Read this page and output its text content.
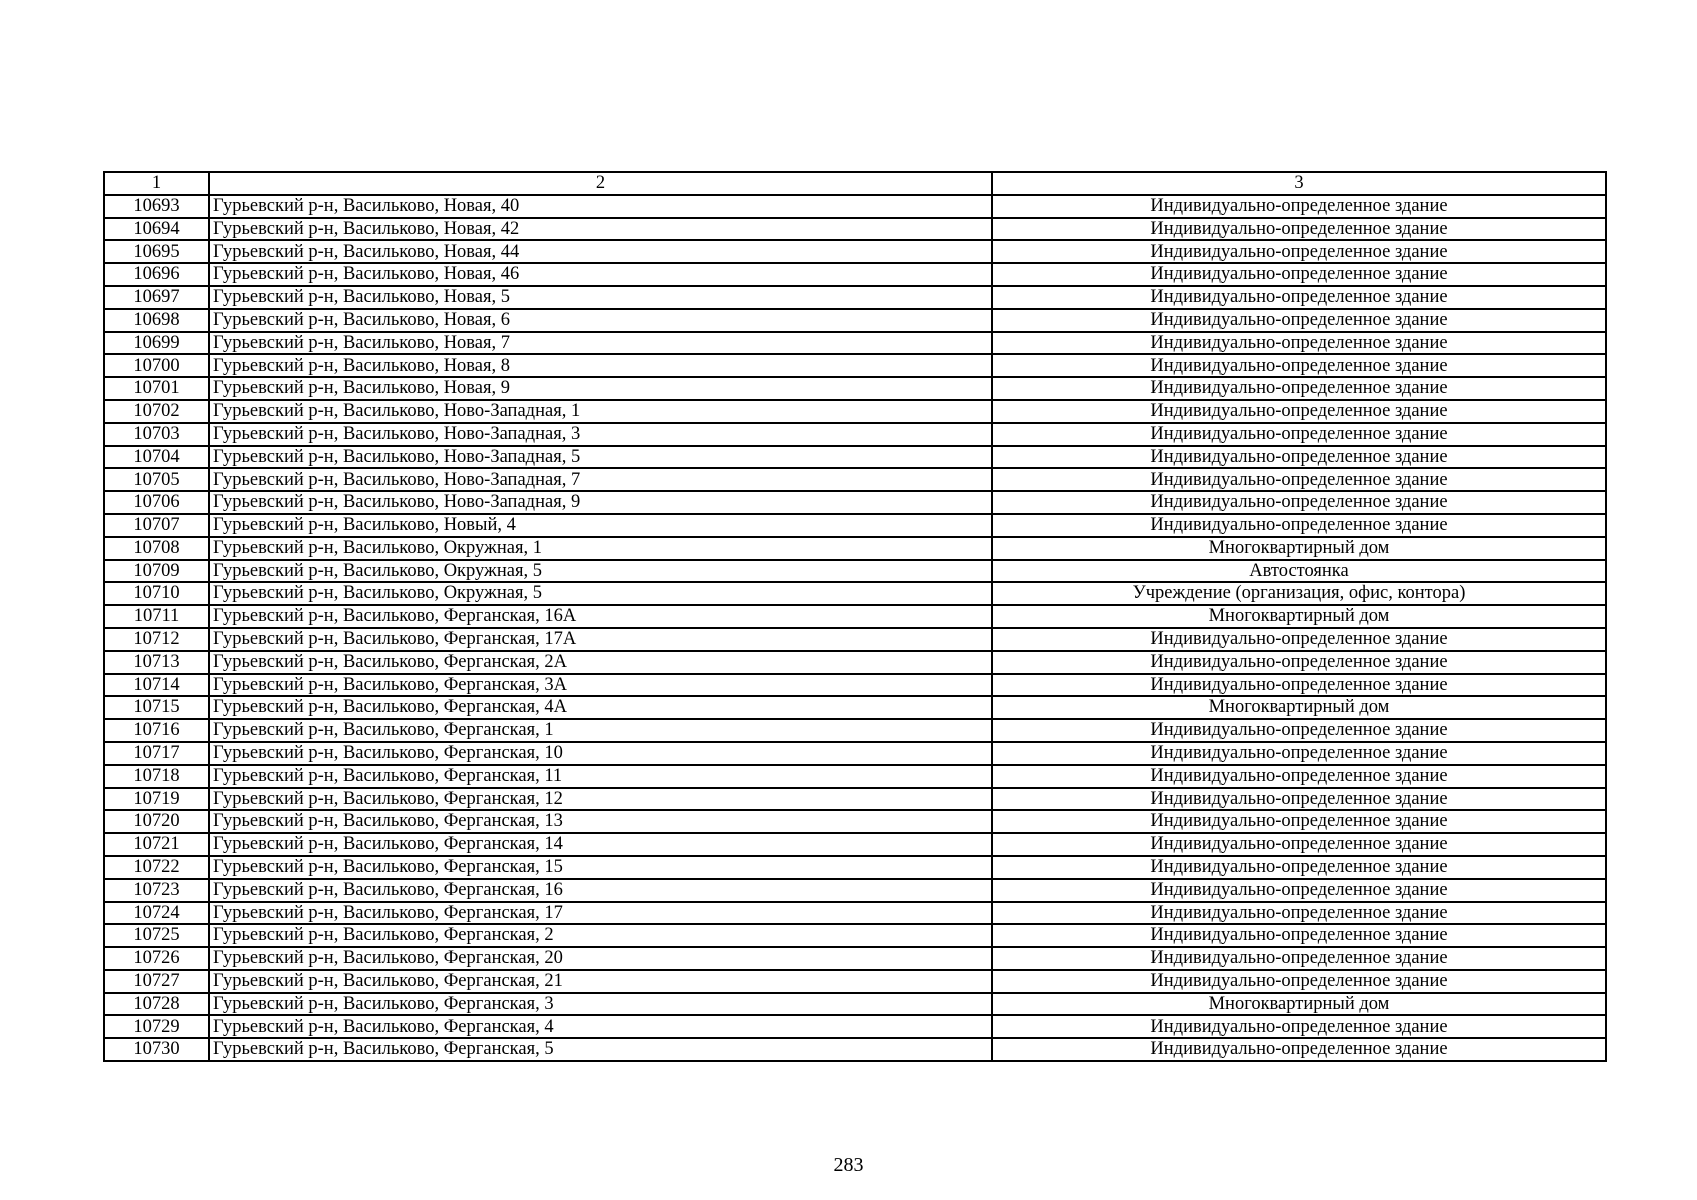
1	2	3
10693	Гурьевский р-н, Васильково, Новая, 40	Индивидуально-определенное здание
10694	Гурьевский р-н, Васильково, Новая, 42	Индивидуально-определенное здание
10695	Гурьевский р-н, Васильково, Новая, 44	Индивидуально-определенное здание
10696	Гурьевский р-н, Васильково, Новая, 46	Индивидуально-определенное здание
10697	Гурьевский р-н, Васильково, Новая, 5	Индивидуально-определенное здание
10698	Гурьевский р-н, Васильково, Новая, 6	Индивидуально-определенное здание
10699	Гурьевский р-н, Васильково, Новая, 7	Индивидуально-определенное здание
10700	Гурьевский р-н, Васильково, Новая, 8	Индивидуально-определенное здание
10701	Гурьевский р-н, Васильково, Новая, 9	Индивидуально-определенное здание
10702	Гурьевский р-н, Васильково, Ново-Западная, 1	Индивидуально-определенное здание
10703	Гурьевский р-н, Васильково, Ново-Западная, 3	Индивидуально-определенное здание
10704	Гурьевский р-н, Васильково, Ново-Западная, 5	Индивидуально-определенное здание
10705	Гурьевский р-н, Васильково, Ново-Западная, 7	Индивидуально-определенное здание
10706	Гурьевский р-н, Васильково, Ново-Западная, 9	Индивидуально-определенное здание
10707	Гурьевский р-н, Васильково, Новый, 4	Индивидуально-определенное здание
10708	Гурьевский р-н, Васильково, Окружная, 1	Многоквартирный дом
10709	Гурьевский р-н, Васильково, Окружная, 5	Автостоянка
10710	Гурьевский р-н, Васильково, Окружная, 5	Учреждение (организация, офис, контора)
10711	Гурьевский р-н, Васильково, Ферганская, 16А	Многоквартирный дом
10712	Гурьевский р-н, Васильково, Ферганская, 17А	Индивидуально-определенное здание
10713	Гурьевский р-н, Васильково, Ферганская, 2А	Индивидуально-определенное здание
10714	Гурьевский р-н, Васильково, Ферганская, 3А	Индивидуально-определенное здание
10715	Гурьевский р-н, Васильково, Ферганская, 4А	Многоквартирный дом
10716	Гурьевский р-н, Васильково, Ферганская, 1	Индивидуально-определенное здание
10717	Гурьевский р-н, Васильково, Ферганская, 10	Индивидуально-определенное здание
10718	Гурьевский р-н, Васильково, Ферганская, 11	Индивидуально-определенное здание
10719	Гурьевский р-н, Васильково, Ферганская, 12	Индивидуально-определенное здание
10720	Гурьевский р-н, Васильково, Ферганская, 13	Индивидуально-определенное здание
10721	Гурьевский р-н, Васильково, Ферганская, 14	Индивидуально-определенное здание
10722	Гурьевский р-н, Васильково, Ферганская, 15	Индивидуально-определенное здание
10723	Гурьевский р-н, Васильково, Ферганская, 16	Индивидуально-определенное здание
10724	Гурьевский р-н, Васильково, Ферганская, 17	Индивидуально-определенное здание
10725	Гурьевский р-н, Васильково, Ферганская, 2	Индивидуально-определенное здание
10726	Гурьевский р-н, Васильково, Ферганская, 20	Индивидуально-определенное здание
10727	Гурьевский р-н, Васильково, Ферганская, 21	Индивидуально-определенное здание
10728	Гурьевский р-н, Васильково, Ферганская, 3	Многоквартирный дом
10729	Гурьевский р-н, Васильково, Ферганская, 4	Индивидуально-определенное здание
10730	Гурьевский р-н, Васильково, Ферганская, 5	Индивидуально-определенное здание
283
